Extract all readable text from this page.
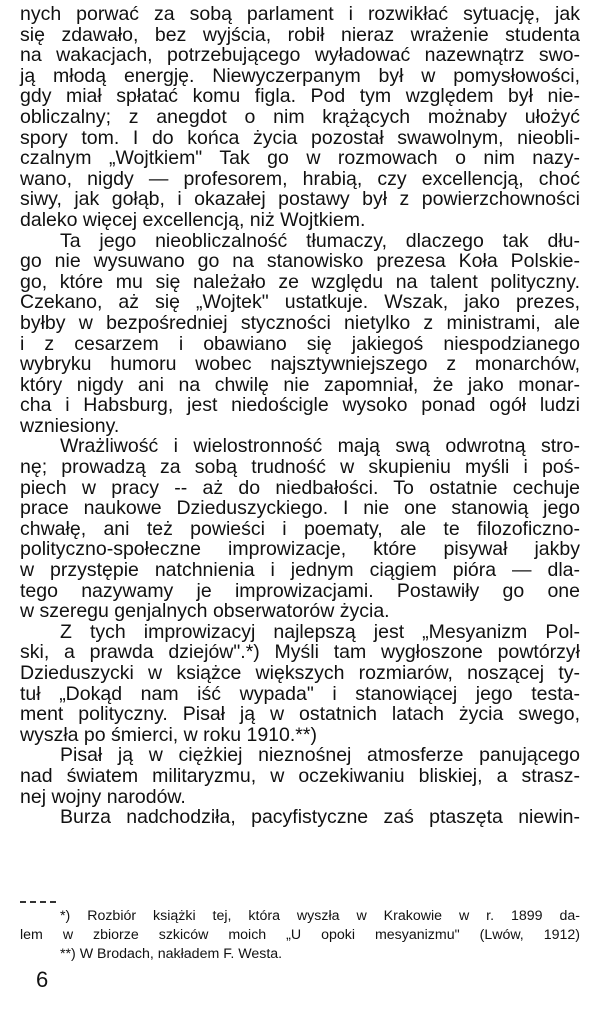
nych porwać za sobą parlament i rozwikłać sytuację, jak
się zdawało, bez wyjścia, robił nieraz wrażenie studenta
na wakacjach, potrzebującego wyładować nazewnątrz swo-
ją młodą energję. Niewyczerpanym był w pomysłowości,
gdy miał spłatać komu figla. Pod tym względem był nie-
obliczalny; z anegdot o nim krążących możnaby ułożyć
spory tom. I do końca życia pozostał swawolnym, nieobli-
czalnym „Wojtkiem" Tak go w rozmowach o nim nazy-
wano, nigdy — profesorem, hrabią, czy excellencją, choć
siwy, jak gołąb, i okazałej postawy był z powierzchowności
daleko więcej excellencją, niż Wojtkiem.

Ta jego nieobliczalność tłumaczy, dlaczego tak dłu-
go nie wysuwano go na stanowisko prezesa Koła Polskie-
go, które mu się należało ze względu na talent polityczny.
Czekano, aż się „Wojtek" ustatkuje. Wszak, jako prezes,
byłby w bezpośredniej styczności nietylko z ministrami, ale
i z cesarzem i obawiano się jakiegoś niespodzianego
wybryku humoru wobec najsztywniejszego z monarchów,
który nigdy ani na chwilę nie zapomniał, że jako monar-
cha i Habsburg, jest niedościgle wysoko ponad ogół ludzi
wzniesiony.

Wrażliwość i wielostronność mają swą odwrotną stro-
nę; prowadzą za sobą trudność w skupieniu myśli i poś-
piech w pracy -- aż do niedbałości. To ostatnie cechuje
prace naukowe Dzieduszyckiego. I nie one stanowią jego
chwałę, ani też powieści i poematy, ale te filozoficzno-
polityczno-społeczne improwizacje, które pisywał jakby
w przystępie natchnienia i jednym ciągiem pióra — dla-
tego nazywamy je improwizacjami. Postawiły go one
w szeregu genjalnych obserwatorów życia.

Z tych improwizacyj najlepszą jest „Mesyanizm Pol-
ski, a prawda dziejów".*) Myśli tam wygłoszone powtórzył
Dzieduszycki w książce większych rozmiarów, noszącej ty-
tuł „Dokąd nam iść wypada" i stanowiącej jego testa-
ment polityczny. Pisał ją w ostatnich latach życia swego,
wyszła po śmierci, w roku 1910.**)

Pisał ją w ciężkiej nieznośnej atmosferze panującego
nad światem militaryzmu, w oczekiwaniu bliskiej, a strasz-
nej wojny narodów.

Burza nadchodziła, pacyfistyczne zaś ptaszęta niewin-

*) Rozbiór książki tej, która wyszła w Krakowie w r. 1899 da-
lem w zbiorze szkiców moich „U opoki mesyanizmu" (Lwów, 1912)
**) W Brodach, nakładem F. Westa.
6
